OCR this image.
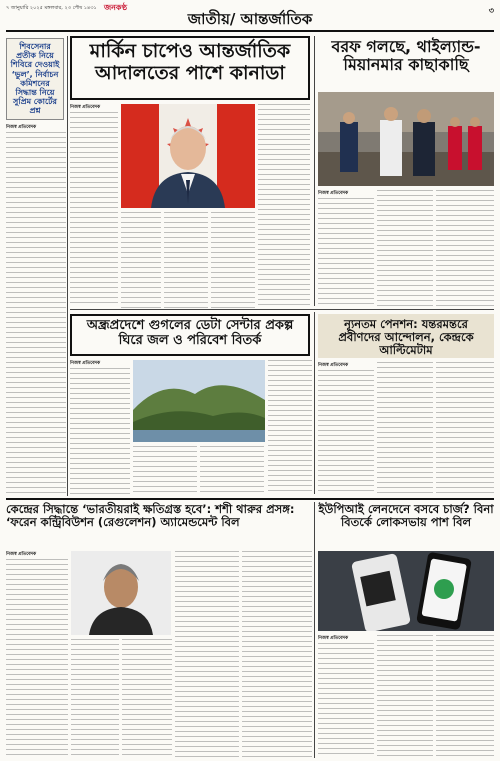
৭ জানুয়ারি ২০২৫ মঙ্গলবার, ২৩ পৌষ ১৪৩১ জনকণ্ঠ
জাতীয়/ আন্তর্জাতিক	৩
শিবসেনার প্রতীক নিয়ে শিবিরে দেওয়াই ‘ভুল’, নির্বাচন কমিশনের সিদ্ধান্ত নিয়ে সুপ্রিম কোর্টের প্রশ্ন
নিজস্ব প্রতিবেদক
মার্কিন চাপেও আন্তর্জাতিক আদালতের পাশে কানাডা
নিজস্ব প্রতিবেদক
বরফ গলছে, থাইল্যান্ড-মিয়ানমার কাছাকাছি
নিজস্ব প্রতিবেদক
অন্ধ্রপ্রদেশে গুগলের ডেটা সেন্টার প্রকল্প ঘিরে জল ও পরিবেশ বিতর্ক
নিজস্ব প্রতিবেদক
ন্যূনতম পেনশন: যন্তরমন্তরে প্রবীণদের আন্দোলন, কেন্দ্রকে আল্টিমেটাম
নিজস্ব প্রতিবেদক
কেন্দ্রের সিদ্ধান্তে ‘ভারতীয়রাই ক্ষতিগ্রস্ত হবে’: শশী থারুর প্রসঙ্গ: ‘ফরেন কন্ট্রিবিউশন (রেগুলেশন) অ্যামেন্ডমেন্ট বিল
নিজস্ব প্রতিবেদক
ইউপিআই লেনদেনে বসবে চার্জ? বিনা বিতর্কে লোকসভায় পাশ বিল
নিজস্ব প্রতিবেদক
